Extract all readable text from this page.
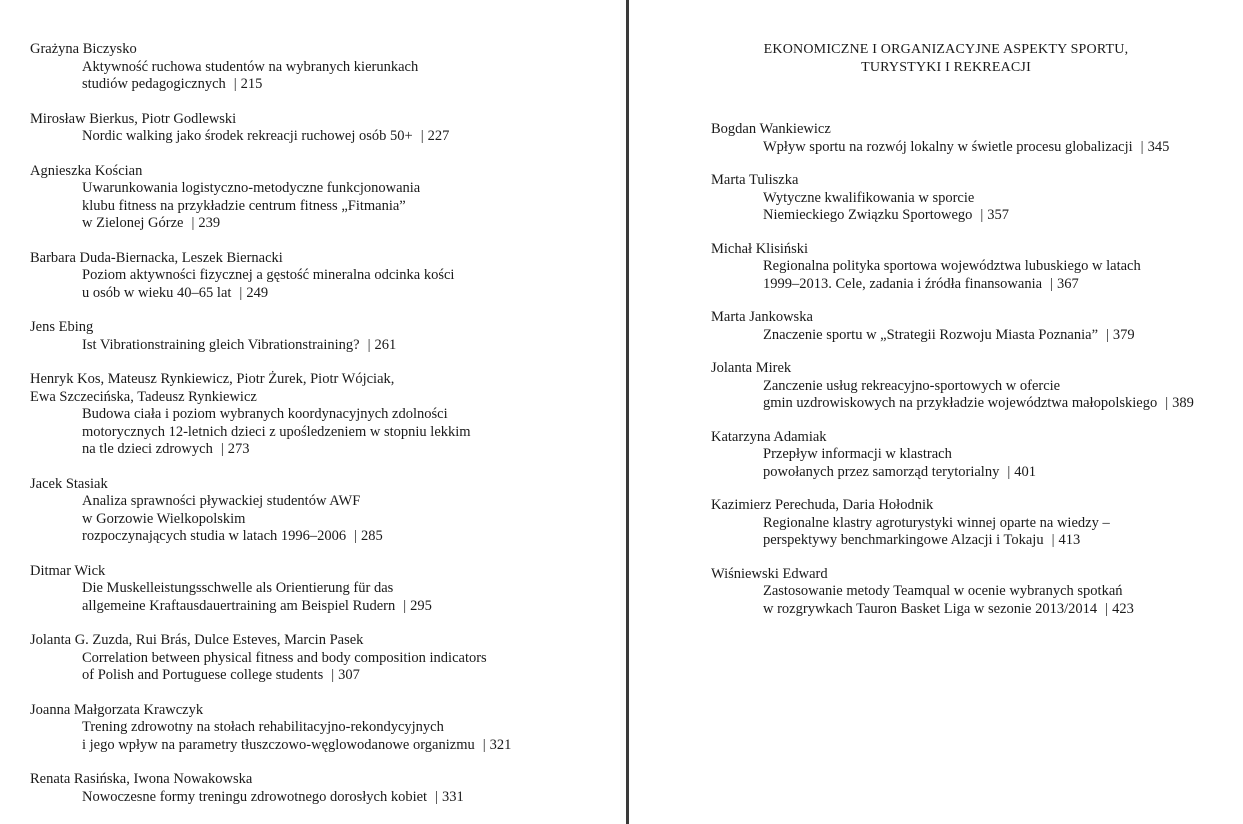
Grażyna Biczysko
Aktywność ruchowa studentów na wybranych kierunkach
studiów pedagogicznych | 215
Mirosław Bierkus, Piotr Godlewski
Nordic walking jako środek rekreacji ruchowej osób 50+ | 227
Agnieszka Kościan
Uwarunkowania logistyczno-metodyczne funkcjonowania
klubu fitness na przykładzie centrum fitness „Fitmania”
w Zielonej Górze | 239
Barbara Duda-Biernacka, Leszek Biernacki
Poziom aktywności fizycznej a gęstość mineralna odcinka kości
u osób w wieku 40–65 lat | 249
Jens Ebing
Ist Vibrationstraining gleich Vibrationstraining? | 261
Henryk Kos, Mateusz Rynkiewicz, Piotr Żurek, Piotr Wójciak,
Ewa Szczecińska, Tadeusz Rynkiewicz
Budowa ciała i poziom wybranych koordynacyjnych zdolności
motorycznych 12-letnich dzieci z upośledzeniem w stopniu lekkim
na tle dzieci zdrowych | 273
Jacek Stasiak
Analiza sprawności pływackiej studentów AWF
w Gorzowie Wielkopolskim
rozpoczynających studia w latach 1996–2006 | 285
Ditmar Wick
Die Muskelleistungsschwelle als Orientierung für das
allgemeine Kraftausdauertraining am Beispiel Rudern | 295
Jolanta G. Zuzda, Rui Brás, Dulce Esteves, Marcin Pasek
Correlation between physical fitness and body composition indicators
of Polish and Portuguese college students | 307
Joanna Małgorzata Krawczyk
Trening zdrowotny na stołach rehabilitacyjno-rekondycyjnych
i jego wpływ na parametry tłuszczowo-węglowodanowe organizmu | 321
Renata Rasińska, Iwona Nowakowska
Nowoczesne formy treningu zdrowotnego dorosłych kobiet | 331
EKONOMICZNE I ORGANIZACYJNE ASPEKTY SPORTU,
TURYSTYKI I REKREACJI
Bogdan Wankiewicz
Wpływ sportu na rozwój lokalny w świetle procesu globalizacji | 345
Marta Tuliszka
Wytyczne kwalifikowania w sporcie
Niemieckiego Związku Sportowego | 357
Michał Klisiński
Regionalna polityka sportowa województwa lubuskiego w latach
1999–2013. Cele, zadania i źródła finansowania | 367
Marta Jankowska
Znaczenie sportu w „Strategii Rozwoju Miasta Poznania” | 379
Jolanta Mirek
Zanczenie usług rekreacyjno-sportowych w ofercie
gmin uzdrowiskowych na przykładzie województwa małopolskiego | 389
Katarzyna Adamiak
Przepływ informacji w klastrach
powołanych przez samorząd terytorialny | 401
Kazimierz Perechuda, Daria Hołodnik
Regionalne klastry agroturystyki winnej oparte na wiedzy –
perspektywy benchmarkingowe Alzacji i Tokaju | 413
Wiśniewski Edward
Zastosowanie metody Teamqual w ocenie wybranych spotkań
w rozgrywkach Tauron Basket Liga w sezonie 2013/2014 | 423
